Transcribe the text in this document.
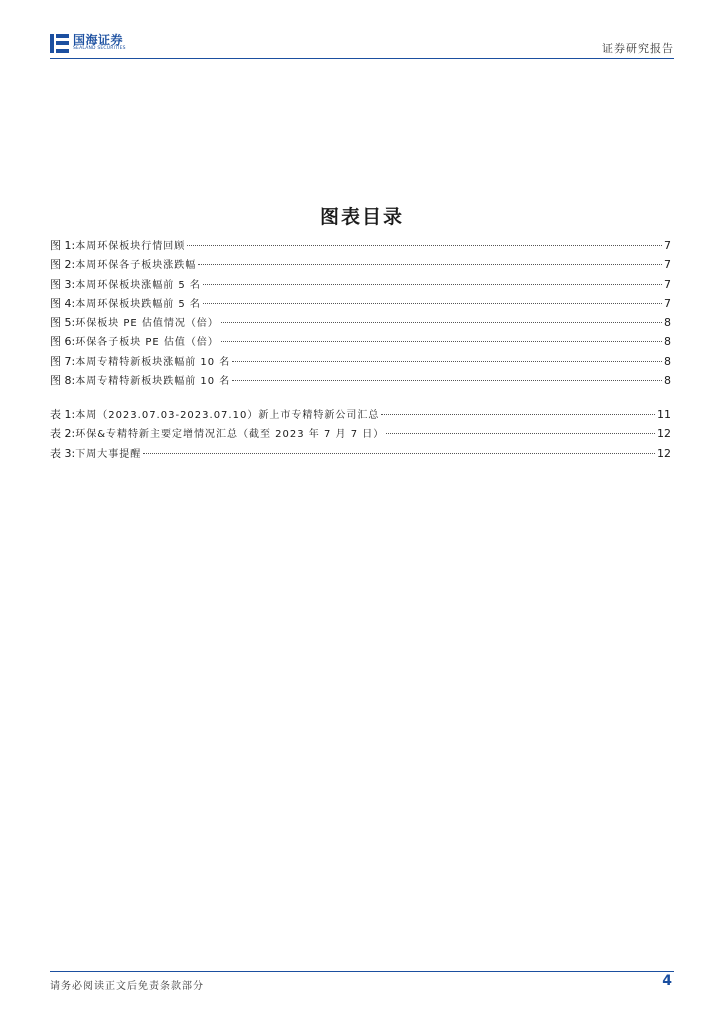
国海证券
SEALAND SECURITIES	证券研究报告
图表目录
图 1: 本周环保板块行情回顾	7
图 2: 本周环保各子板块涨跌幅	7
图 3: 本周环保板块涨幅前 5 名	7
图 4: 本周环保板块跌幅前 5 名	7
图 5: 环保板块 PE 估值情况（倍）	8
图 6: 环保各子板块 PE 估值（倍）	8
图 7: 本周专精特新板块涨幅前 10 名	8
图 8: 本周专精特新板块跌幅前 10 名	8
表 1: 本周（2023.07.03-2023.07.10）新上市专精特新公司汇总	11
表 2: 环保&专精特新主要定增情况汇总（截至 2023 年 7 月 7 日）	12
表 3: 下周大事提醒	12
请务必阅读正文后免责条款部分	4
